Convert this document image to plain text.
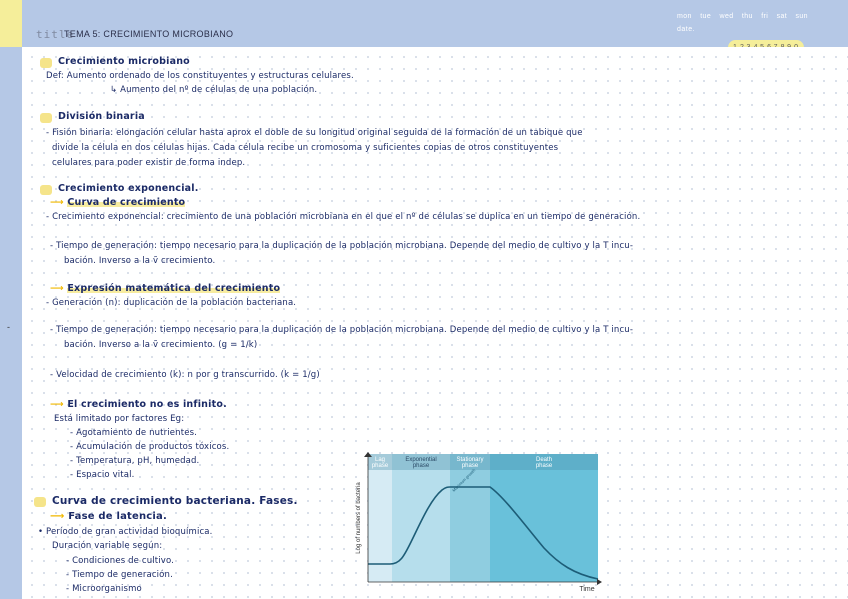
-
title
TEMA 5: CRECIMIENTO MICROBIANO
mon tue wed thu fri sat sun
date.
Crecimiento microbiano
Def: Aumento ordenado de los constituyentes y estructuras celulares.
↳ Aumento del nº de células de una población.
División binaria
- Fisión binaria: elongación celular hasta aprox el doble de su longitud original seguida de la formación de un tabique que
divide la célula en dos células hijas. Cada célula recibe un cromosoma y suficientes copias de otros constituyentes
celulares para poder existir de forma indep.
Crecimiento exponencial.
⟶ Curva de crecimiento
- Crecimiento exponencial: crecimiento de una población microbiana en el que el nº de células se duplica en un tiempo de generación.
- Tiempo de generación: tiempo necesario para la duplicación de la población microbiana. Depende del medio de cultivo y la T incu-
bación. Inverso a la ṽ crecimiento.
⟶ Expresión matemática del crecimiento
- Generación (n): duplicación de la población bacteriana.
- Tiempo de generación: tiempo necesario para la duplicación de la población microbiana. Depende del medio de cultivo y la T incu-
bación. Inverso a la ṽ crecimiento. (g = 1/k)
- Velocidad de crecimiento (k): n por g transcurrido. (k = 1/g)
⟶ El crecimiento no es infinito.
Está limitado por factores Eg:
- Agotamiento de nutrientes.
- Acumulación de productos tóxicos.
- Temperatura, pH, humedad.
- Espacio vital.
Curva de crecimiento bacteriana. Fases.
⟶ Fase de latencia.
• Período de gran actividad bioquímica.
Duración variable según:
- Condiciones de cultivo.
- Tiempo de generación.
- Microorganismo
Lag
phase
Exponential
phase
Stationary
phase
Death
phase
Maximum growth
Log of numbers of bacteria
Time
